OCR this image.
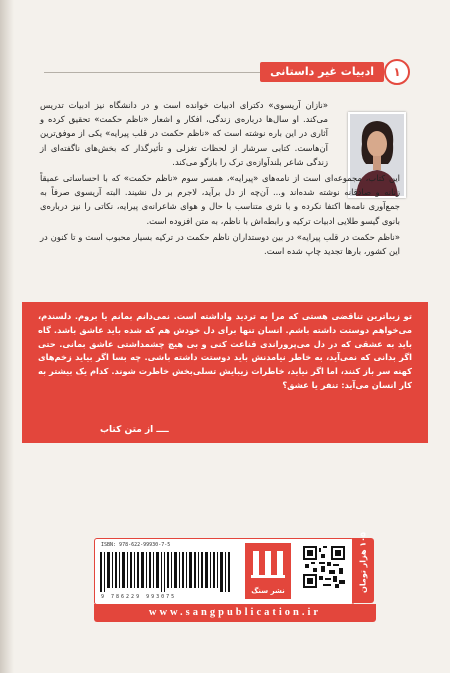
۱
ادبیات غیر داستانی

«نازان آریسوی» دکترای ادبیات خوانده است و در دانشگاه نیز ادبیات تدریس می‌کند. او سال‌ها درباره‌ی زندگی، افکار و اشعار «ناظم حکمت» تحقیق کرده و آثاری در این باره نوشته است که «ناظم حکمت در قلب پیرایه» یکی از موفق‌ترین آن‌هاست. کتابی سرشار از لحظات تغزلی و تأثیرگذار که بخش‌های ناگفته‌ای از زندگی شاعر بلندآوازه‌ی ترک را بازگو می‌کند.

این کتاب، مجموعه‌ای است از نامه‌های «پیرایه»، همسر سوم «ناظم حکمت» که با احساساتی عمیقاً زنانه و صادقانه نوشته شده‌اند و... آن‌چه از دل برآید، لاجرم بر دل نشیند. البته آریسوی صرفاً به جمع‌آوری نامه‌ها اکتفا نکرده و با نثری متناسب با حال و هوای شاعرانه‌ی پیرایه، نکاتی را نیز درباره‌ی بانوی گیسو طلایی ادبیات ترکیه و رابطه‌اش با ناظم، به متن افزوده است.

«ناظم حکمت در قلب پیرایه» در بین دوستداران ناظم حکمت در ترکیه بسیار محبوب است و تا کنون در این کشور، بارها تجدید چاپ شده است.

تو زیباترین تناقضی هستی که مرا به تردید واداشته است. نمی‌دانم بمانم یا بروم. دلسندم، می‌خواهم دوستت داشته باشم. انسان تنها برای دل خودش هم که شده باید عاشق باشد. گاه باید به عشقی که در دل می‌پروراندی قناعت کنی و بی هیچ چشمداشتی عاشق بمانی. حتی اگر بدانی که نمی‌آید، به خاطر نیامدنش باید دوستت داشته باشی. چه بسا اگر بیاید زخم‌های کهنه سر باز کنند، اما اگر نیاید، خاطرات زیبایش تسلی‌بخش خاطرت شوند. کدام یک بیشتر به کار انسان می‌آید: تنفر یا عشق؟
ــــ از متن کتاب
ISBN: 978-622-99930-7-5
9 786229 993075
نشر سنگ	۱۰۵ هزار تومان
www.sangpublication.ir
